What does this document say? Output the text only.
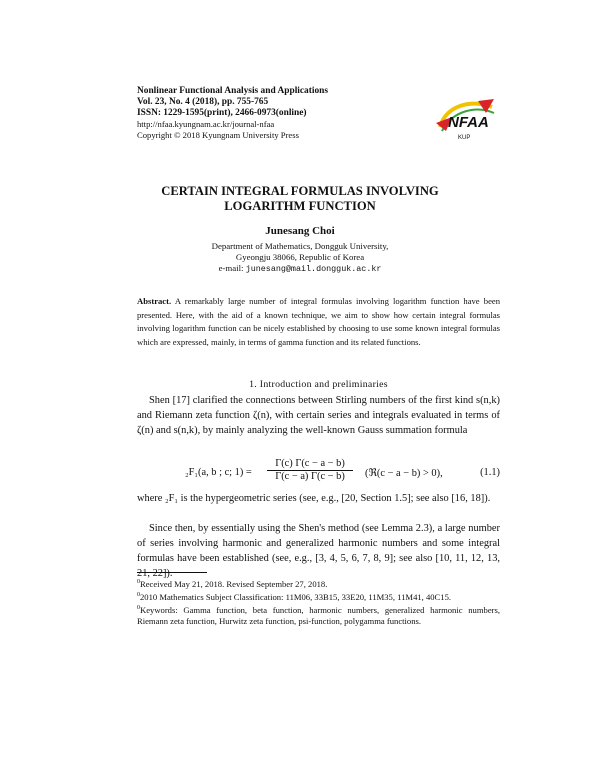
Nonlinear Functional Analysis and Applications
Vol. 23, No. 4 (2018), pp. 755-765
ISSN: 1229-1595(print), 2466-0973(online)
http://nfaa.kyungnam.ac.kr/journal-nfaa
Copyright © 2018 Kyungnam University Press
NFAA
KUP
CERTAIN INTEGRAL FORMULAS INVOLVING
LOGARITHM FUNCTION
Junesang Choi
Department of Mathematics, Dongguk University,
Gyeongju 38066, Republic of Korea
e-mail: junesang@mail.dongguk.ac.kr
Abstract. A remarkably large number of integral formulas involving logarithm function have been presented. Here, with the aid of a known technique, we aim to show how certain integral formulas involving logarithm function can be nicely established by choosing to use some known integral formulas which are expressed, mainly, in terms of gamma function and its related functions.
1. Introduction and preliminaries
Shen [17] clarified the connections between Stirling numbers of the first kind s(n,k) and Riemann zeta function ζ(n), with certain series and integrals evaluated in terms of ζ(n) and s(n,k), by mainly analyzing the well-known Gauss summation formula
₂F₁(a, b ; c; $1) = \frac{\Gamma(c) \Gamma(c - a - b)}{\Gamma(c - a) \Gamma(c - b)}$ (ℜ(c − a − b) > 0),	(1.1)
where ₂F₁ is the hypergeometric series (see, e.g., [20, Section 1.5]; see also [16, 18]).
Since then, by essentially using the Shen's method (see Lemma 2.3), a large number of series involving harmonic and generalized harmonic numbers and some integral formulas have been established (see, e.g., [3, 4, 5, 6, 7, 8, 9]; see also [10, 11, 12, 13, 21, 22]).

$^0$Received May 21, 2018. Revised September 27, 2018.

$^0$2010 Mathematics Subject Classification: 11M06, 33B15, 33E20, 11M35, 11M41, 40C15.

$^0$Keywords: Gamma function, beta function, harmonic numbers, generalized harmonic numbers, Riemann zeta function, Hurwitz zeta function, psi-function, polygamma functions.
